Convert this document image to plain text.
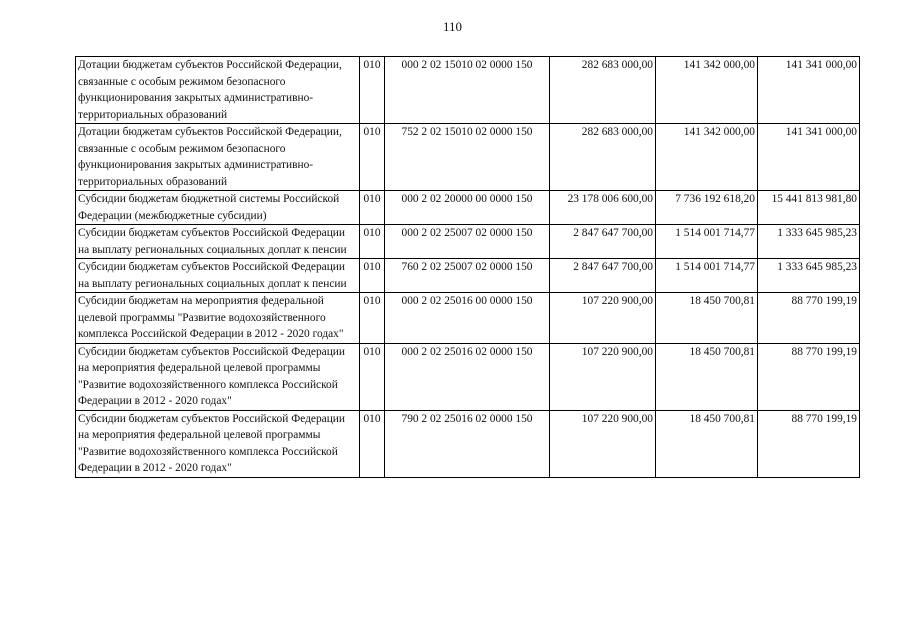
110
Дотации бюджетам субъектов Российской Федерации, связанные с особым режимом безопасного функционирования закрытых административно-территориальных образований	010	000 2 02 15010 02 0000 150	282 683 000,00	141 342 000,00	141 341 000,00
Дотации бюджетам субъектов Российской Федерации, связанные с особым режимом безопасного функционирования закрытых административно-территориальных образований	010	752 2 02 15010 02 0000 150	282 683 000,00	141 342 000,00	141 341 000,00
Субсидии бюджетам бюджетной системы Российской Федерации (межбюджетные субсидии)	010	000 2 02 20000 00 0000 150	23 178 006 600,00	7 736 192 618,20	15 441 813 981,80
Субсидии бюджетам субъектов Российской Федерации на выплату региональных социальных доплат к пенсии	010	000 2 02 25007 02 0000 150	2 847 647 700,00	1 514 001 714,77	1 333 645 985,23
Субсидии бюджетам субъектов Российской Федерации на выплату региональных социальных доплат к пенсии	010	760 2 02 25007 02 0000 150	2 847 647 700,00	1 514 001 714,77	1 333 645 985,23
Субсидии бюджетам на мероприятия федеральной целевой программы "Развитие водохозяйственного комплекса Российской Федерации в 2012 - 2020 годах"	010	000 2 02 25016 00 0000 150	107 220 900,00	18 450 700,81	88 770 199,19
Субсидии бюджетам субъектов Российской Федерации на мероприятия федеральной целевой программы "Развитие водохозяйственного комплекса Российской Федерации в 2012 - 2020 годах"	010	000 2 02 25016 02 0000 150	107 220 900,00	18 450 700,81	88 770 199,19
Субсидии бюджетам субъектов Российской Федерации на мероприятия федеральной целевой программы "Развитие водохозяйственного комплекса Российской Федерации в 2012 - 2020 годах"	010	790 2 02 25016 02 0000 150	107 220 900,00	18 450 700,81	88 770 199,19
